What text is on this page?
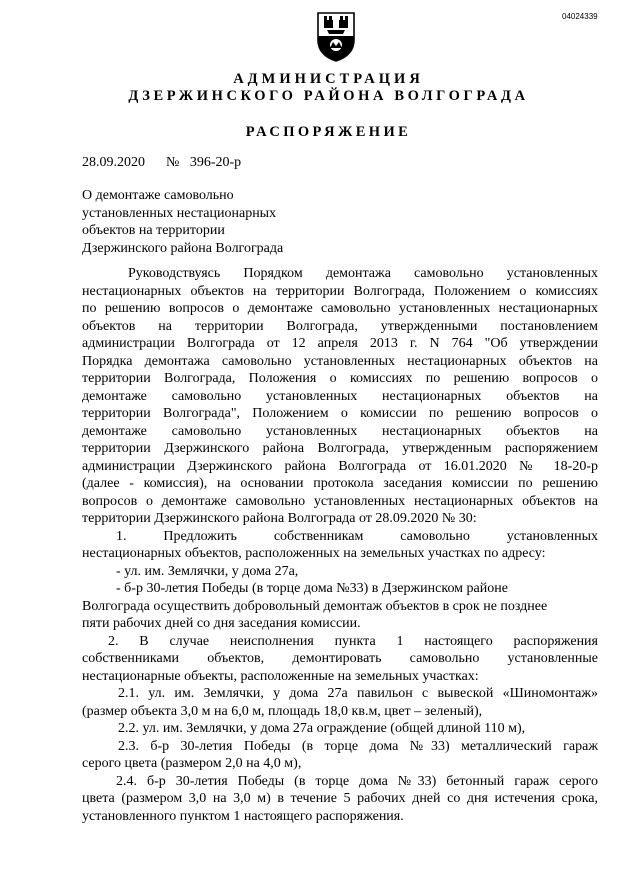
04024339
АДМИНИСТРАЦИЯ
ДЗЕРЖИНСКОГО РАЙОНА ВОЛГОГРАДА
РАСПОРЯЖЕНИЕ
28.09.2020 № 396-20-р
О демонтаже самовольно
установленных нестационарных
объектов на территории
Дзержинского района Волгограда
Руководствуясь Порядком демонтажа самовольно установленных
нестационарных объектов на территории Волгограда, Положением о комиссиях
по решению вопросов о демонтаже самовольно установленных нестационарных
объектов на территории Волгограда, утвержденными постановлением
администрации Волгограда от 12 апреля 2013 г. N 764 "Об утверждении
Порядка демонтажа самовольно установленных нестационарных объектов на
территории Волгограда, Положения о комиссиях по решению вопросов о
демонтаже самовольно установленных нестационарных объектов на
территории Волгограда", Положением о комиссии по решению вопросов о
демонтаже самовольно установленных нестационарных объектов на
территории Дзержинского района Волгограда, утвержденным распоряжением
администрации Дзержинского района Волгограда от 16.01.2020 № 18-20-р
(далее - комиссия), на основании протокола заседания комиссии по решению
вопросов о демонтаже самовольно установленных нестационарных объектов на
территории Дзержинского района Волгограда от 28.09.2020 № 30:
1. Предложить собственникам самовольно установленных
нестационарных объектов, расположенных на земельных участках по адресу:
- ул. им. Землячки, у дома 27а,
- б-р 30-летия Победы (в торце дома №33) в Дзержинском районе
Волгограда осуществить добровольный демонтаж объектов в срок не позднее
пяти рабочих дней со дня заседания комиссии.
2. В случае неисполнения пункта 1 настоящего распоряжения
собственниками объектов, демонтировать самовольно установленные
нестационарные объекты, расположенные на земельных участках:
2.1. ул. им. Землячки, у дома 27а павильон с вывеской «Шиномонтаж»
(размер объекта 3,0 м на 6,0 м, площадь 18,0 кв.м, цвет – зеленый),
2.2. ул. им. Землячки, у дома 27а ограждение (общей длиной 110 м),
2.3. б-р 30-летия Победы (в торце дома №33) металлический гараж
серого цвета (размером 2,0 на 4,0 м),
2.4. б-р 30-летия Победы (в торце дома №33) бетонный гараж серого
цвета (размером 3,0 на 3,0 м) в течение 5 рабочих дней со дня истечения срока,
установленного пунктом 1 настоящего распоряжения.
